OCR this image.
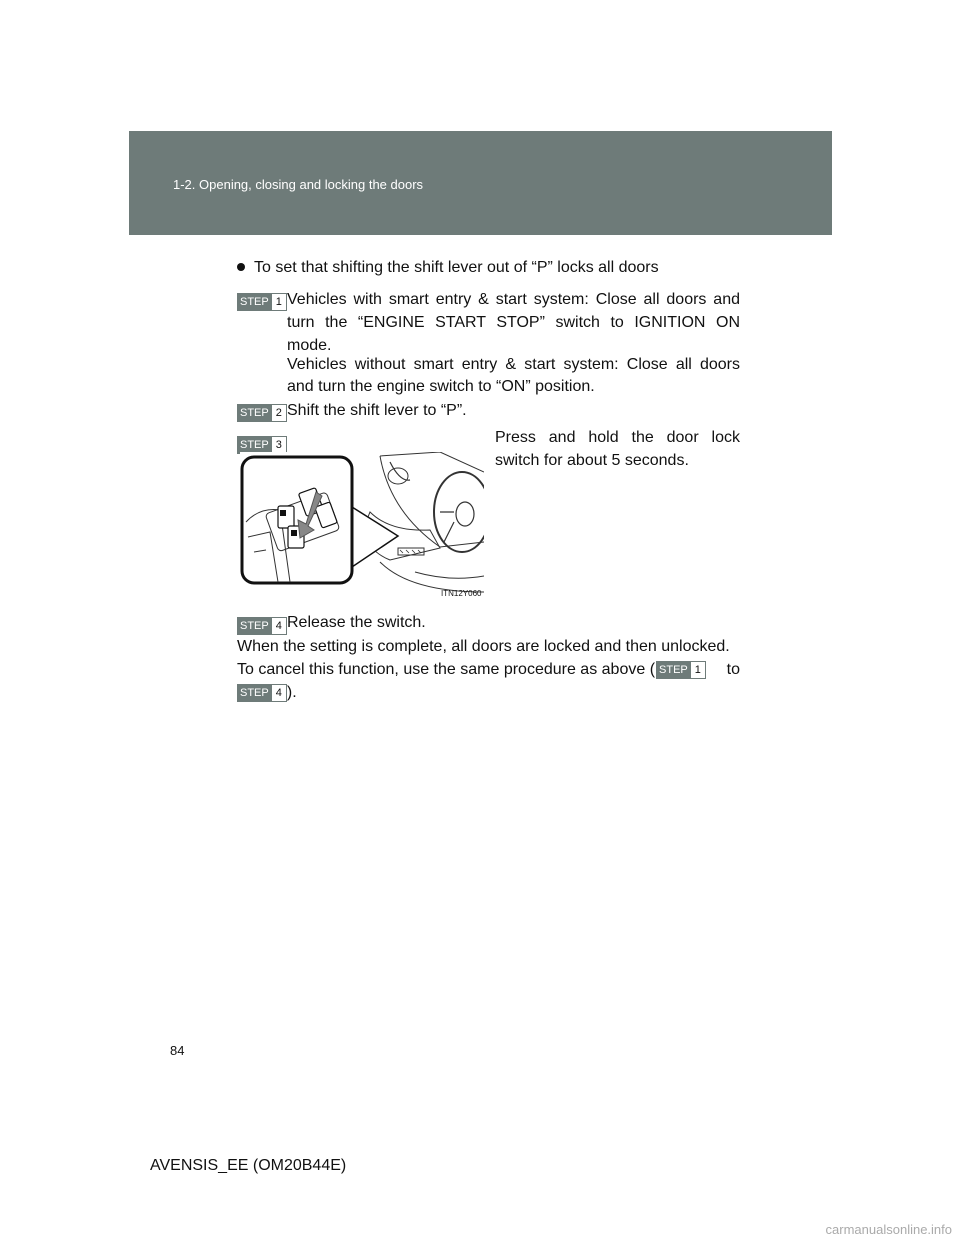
1-2. Opening, closing and locking the doors
To set that shifting the shift lever out of “P” locks all doors
STEP 1 Vehicles with smart entry & start system: Close all doors and
turn the “ENGINE START STOP” switch to IGNITION ON
mode.
Vehicles without smart entry & start system: Close all doors
and turn the engine switch to “ON” position.
STEP 2 Shift the shift lever to “P”.
STEP 3	Press and hold the door lock
switch for about 5 seconds.
ITN12Y060
STEP 4 Release the switch.
When the setting is complete, all doors are locked and then unlocked.
To cancel this function, use the same procedure as above ( STEP 1 to
STEP 4 ).
84
AVENSIS_EE (OM20B44E)
carmanualsonline.info
